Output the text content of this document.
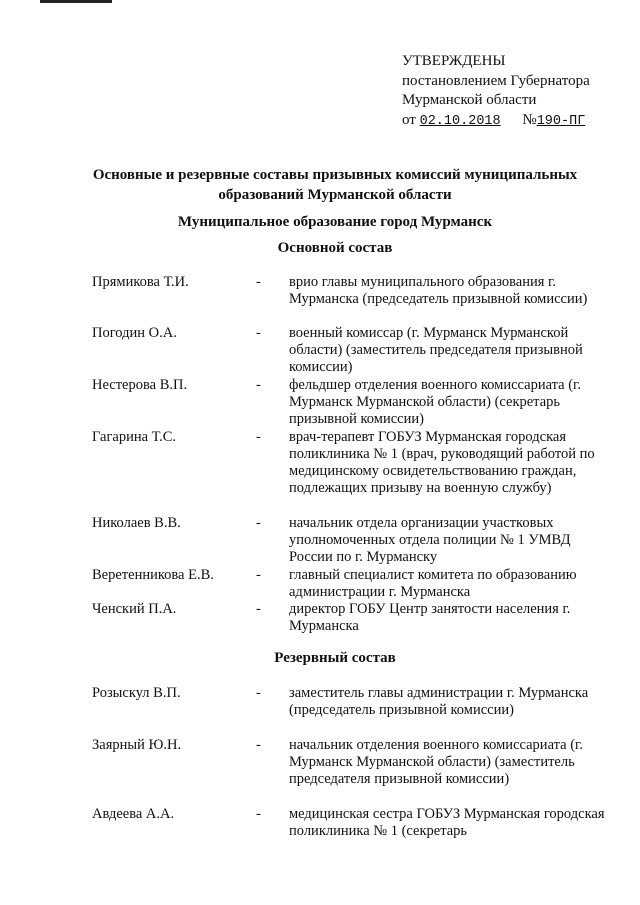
УТВЕРЖДЕНЫ
постановлением Губернатора
Мурманской области
от 02.10.2018 №190-ПГ
Основные и резервные составы призывных комиссий муниципальных образований Мурманской области
Муниципальное образование город Мурманск
Основной состав
Прямикова Т.И.	-	врио главы муниципального образования г. Мурманска (председатель призывной комиссии)
Погодин О.А.	-	военный комиссар (г. Мурманск Мурманской области) (заместитель председателя призывной комиссии)
Нестерова В.П.	-	фельдшер отделения военного комиссариата (г. Мурманск Мурманской области) (секретарь призывной комиссии)
Гагарина Т.С.	-	врач-терапевт ГОБУЗ Мурманская городская поликлиника № 1 (врач, руководящий работой по медицинскому освидетельствованию граждан, подлежащих призыву на военную службу)
Николаев В.В.	-	начальник отдела организации участковых уполномоченных отдела полиции № 1 УМВД России по г. Мурманску
Веретенникова Е.В.	-	главный специалист комитета по образованию администрации г. Мурманска
Ченский П.А.	-	директор ГОБУ Центр занятости населения г. Мурманска
Резервный состав
Розыскул В.П.	-	заместитель главы администрации г. Мурманска (председатель призывной комиссии)
Заярный Ю.Н.	-	начальник отделения военного комиссариата (г. Мурманск Мурманской области) (заместитель председателя призывной комиссии)
Авдеева А.А.	-	медицинская сестра ГОБУЗ Мурманская городская поликлиника № 1 (секретарь
